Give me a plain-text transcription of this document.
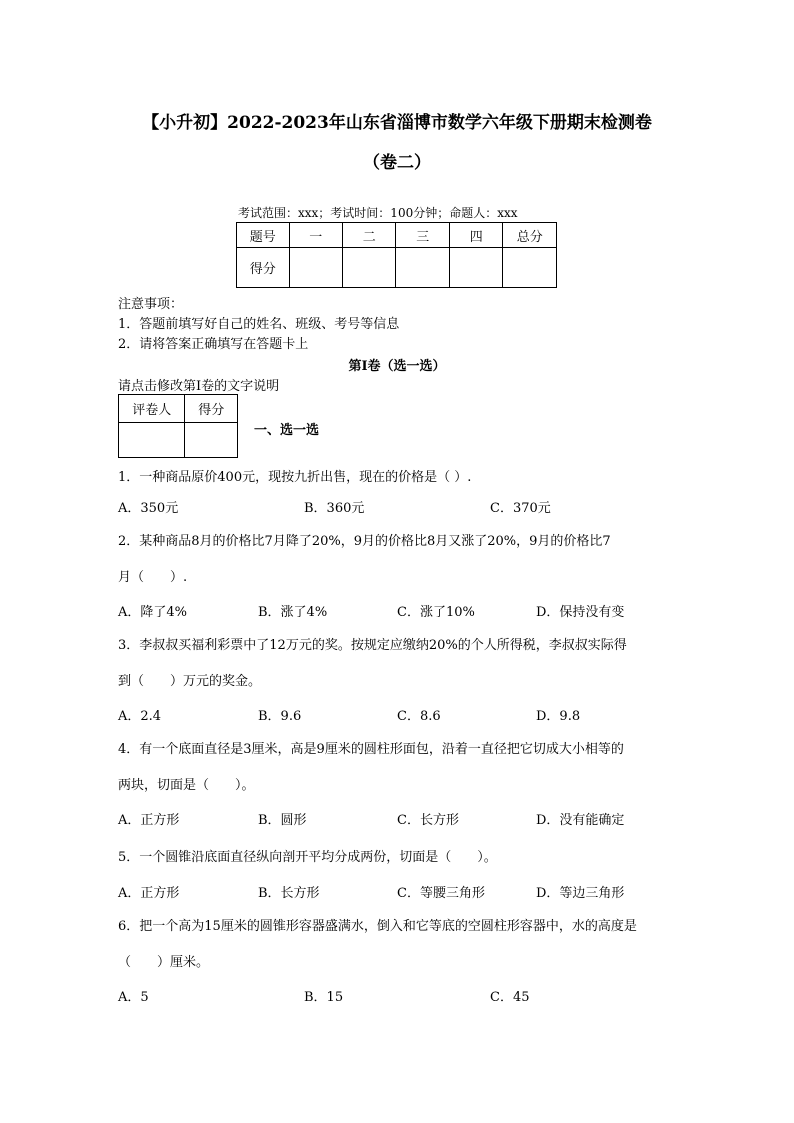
【小升初】2022-2023年山东省淄博市数学六年级下册期末检测卷
（卷二）
考试范围：xxx；考试时间：100分钟；命题人：xxx
题号	一	二	三	四	总分
得分					
注意事项：
1．答题前填写好自己的姓名、班级、考号等信息
2．请将答案正确填写在答题卡上
第I卷（选一选）
请点击修改第I卷的文字说明
评卷人	得分

一、选一选
1．一种商品原价400元，现按九折出售，现在的价格是（ ）.
A．350元	B．360元	C．370元
2．某种商品8月的价格比7月降了20%，9月的价格比8月又涨了20%，9月的价格比7
月（　　）.
A．降了4%	B．涨了4%	C．涨了10%	D．保持没有变
3．李叔叔买福利彩票中了12万元的奖。按规定应缴纳20%的个人所得税，李叔叔实际得
到（　　）万元的奖金。
A．2.4	B．9.6	C．8.6	D．9.8
4．有一个底面直径是3厘米，高是9厘米的圆柱形面包，沿着一直径把它切成大小相等的
两块，切面是（　　）。
A．正方形	B．圆形	C．长方形	D．没有能确定
5．一个圆锥沿底面直径纵向剖开平均分成两份，切面是（　　）。
A．正方形	B．长方形	C．等腰三角形	D．等边三角形
6．把一个高为15厘米的圆锥形容器盛满水，倒入和它等底的空圆柱形容器中，水的高度是
（　　）厘米。
A．5	B．15	C．45
